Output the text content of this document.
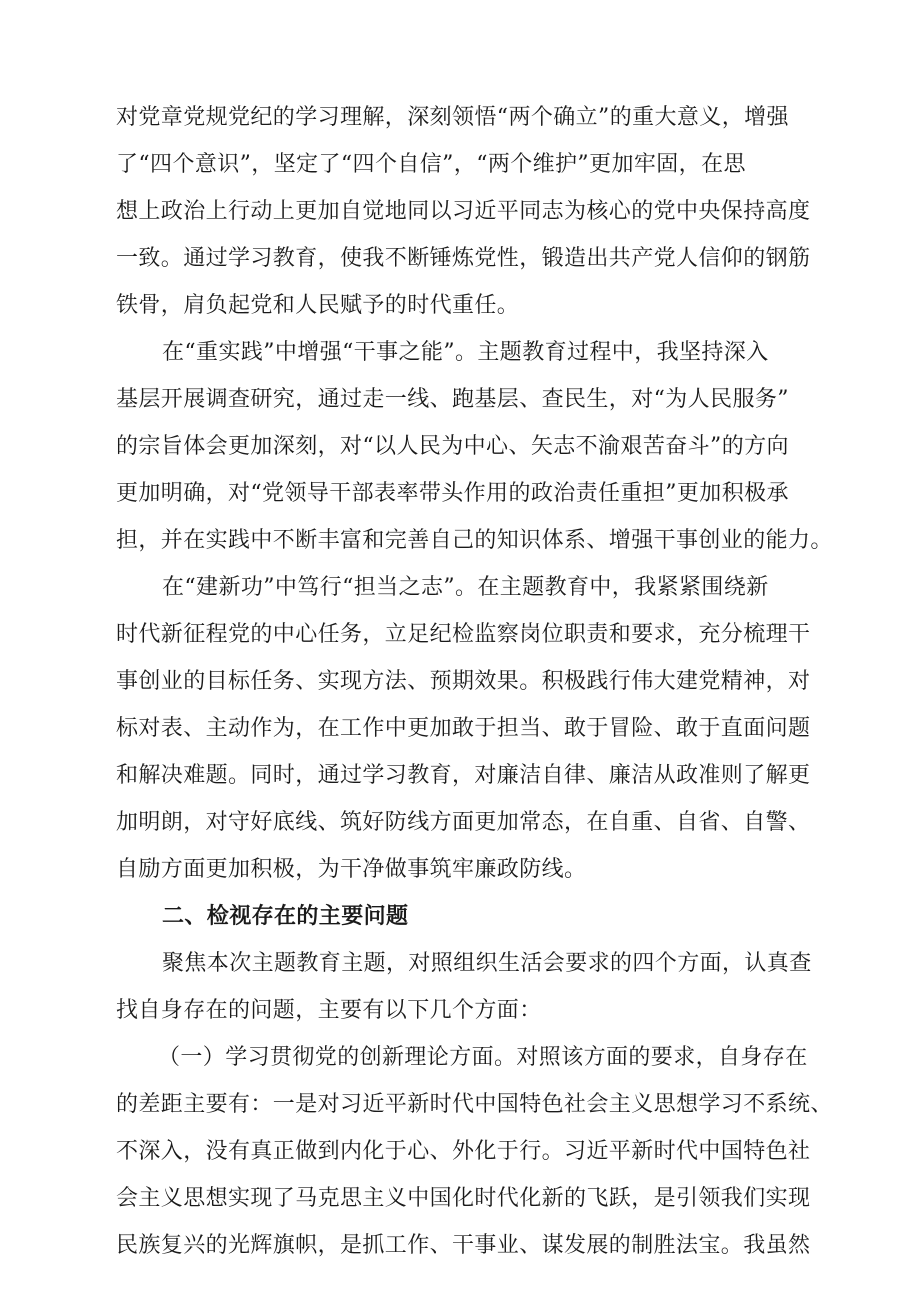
对党章党规党纪的学习理解，深刻领悟“两个确立”的重大意义，增强
了“四个意识”，坚定了“四个自信”，“两个维护”更加牢固，在思
想上政治上行动上更加自觉地同以习近平同志为核心的党中央保持高度
一致。通过学习教育，使我不断锤炼党性，锻造出共产党人信仰的钢筋
铁骨，肩负起党和人民赋予的时代重任。
在“重实践”中增强“干事之能”。主题教育过程中，我坚持深入
基层开展调查研究，通过走一线、跑基层、查民生，对“为人民服务”
的宗旨体会更加深刻，对“以人民为中心、矢志不渝艰苦奋斗”的方向
更加明确，对“党领导干部表率带头作用的政治责任重担”更加积极承
担，并在实践中不断丰富和完善自己的知识体系、增强干事创业的能力。
在“建新功”中笃行“担当之志”。在主题教育中，我紧紧围绕新
时代新征程党的中心任务，立足纪检监察岗位职责和要求，充分梳理干
事创业的目标任务、实现方法、预期效果。积极践行伟大建党精神，对
标对表、主动作为，在工作中更加敢于担当、敢于冒险、敢于直面问题
和解决难题。同时，通过学习教育，对廉洁自律、廉洁从政准则了解更
加明朗，对守好底线、筑好防线方面更加常态，在自重、自省、自警、
自励方面更加积极，为干净做事筑牢廉政防线。
二、检视存在的主要问题
聚焦本次主题教育主题，对照组织生活会要求的四个方面，认真查
找自身存在的问题，主要有以下几个方面：
（一）学习贯彻党的创新理论方面。对照该方面的要求，自身存在
的差距主要有：一是对习近平新时代中国特色社会主义思想学习不系统、
不深入，没有真正做到内化于心、外化于行。习近平新时代中国特色社
会主义思想实现了马克思主义中国化时代化新的飞跃，是引领我们实现
民族复兴的光辉旗帜，是抓工作、干事业、谋发展的制胜法宝。我虽然
